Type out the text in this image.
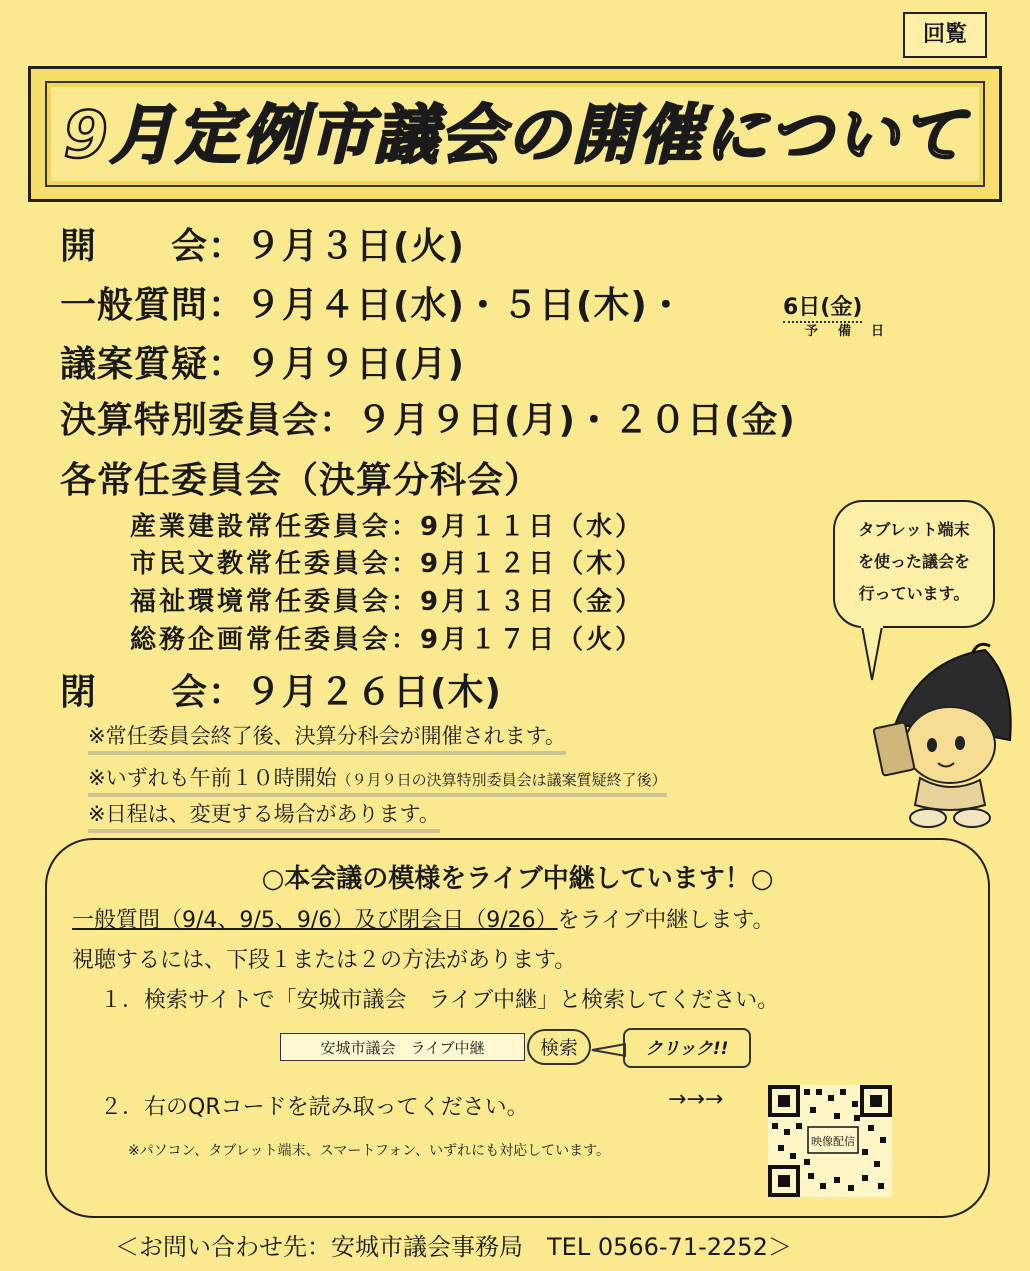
回覧
9月定例市議会の開催について
開　　会：９月３日(火)
一般質問：９月４日(水)・５日(木)・	6日(金)
予備日
議案質疑：９月９日(月)
決算特別委員会：９月９日(月)・２０日(金)
各常任委員会（決算分科会）
産業建設常任委員会：9月１１日（水）
市民文教常任委員会：9月１２日（木）
福祉環境常任委員会：9月１３日（金）
総務企画常任委員会：9月１７日（火）
閉　　会：９月２６日(木)
※常任委員会終了後、決算分科会が開催されます。
※いずれも午前１０時開始（９月９日の決算特別委員会は議案質疑終了後）
※日程は、変更する場合があります。
タブレット端末
を使った議会を
行っています。
○本会議の模様をライブ中継しています！○
一般質問（9/4、9/5、9/6）及び閉会日（9/26）をライブ中継します。
視聴するには、下段１または２の方法があります。
１．検索サイトで「安城市議会　ライブ中継」と検索してください。
安城市議会　ライブ中継	検索	クリック!!
２．右のQRコードを読み取ってください。	→→→
映像配信
※パソコン、タブレット端末、スマートフォン、いずれにも対応しています。
＜お問い合わせ先：安城市議会事務局　TEL 0566-71-2252＞
